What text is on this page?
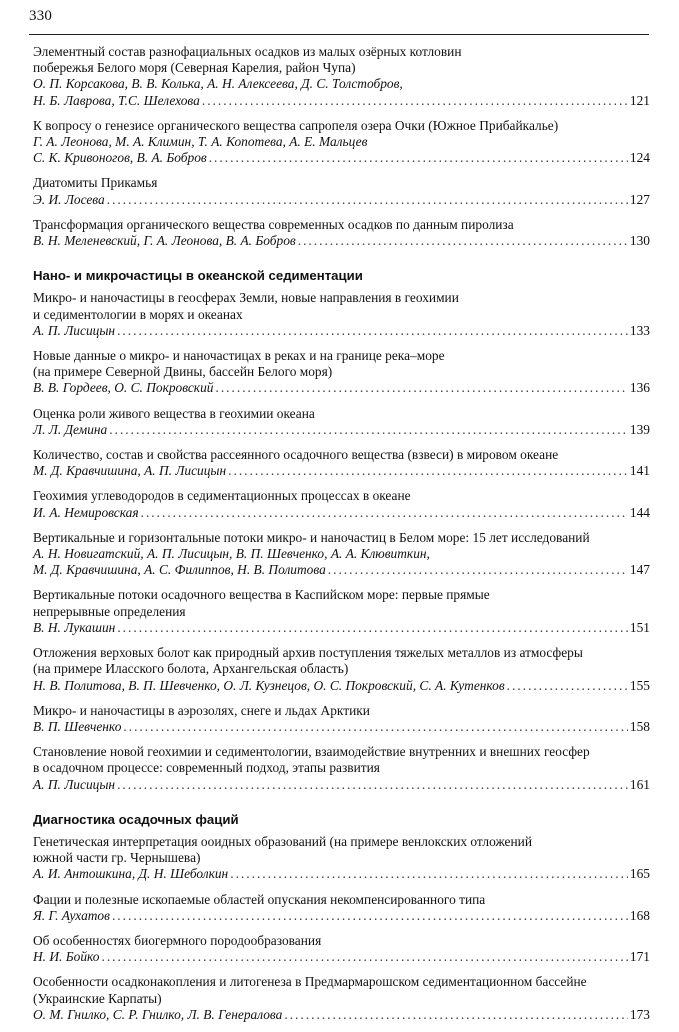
330
Элементный состав разнофациальных осадков из малых озёрных котловин
побережья Белого моря (Северная Карелия, район Чупа)
О. П. Корсакова, В. В. Колька, А. Н. Алексеева, Д. С. Толстобров,
Н. Б. Лаврова, Т.С. Шелехова .....	121
К вопросу о генезисе органического вещества сапропеля озера Очки (Южное Прибайкалье)
Г. А. Леонова, М. А. Климин, Т. А. Копотева, А. Е. Мальцев
С. К. Кривоногов, В. А. Бобров .....	124
Диатомиты Прикамья
Э. И. Лосева .....	127
Трансформация органического вещества современных осадков по данным пиролиза
В. Н. Меленевский, Г. А. Леонова, В. А. Бобров .....	130
Нано- и микрочастицы в океанской седиментации
Микро- и наночастицы в геосферах Земли, новые направления в геохимии
и седиментологии в морях и океанах
А. П. Лисицын .....	133
Новые данные о микро- и наночастицах в реках и на границе река–море
(на примере Северной Двины, бассейн Белого моря)
В. В. Гордеев, О. С. Покровский .....	136
Оценка роли живого вещества в геохимии океана
Л. Л. Демина .....	139
Количество, состав и свойства рассеянного осадочного вещества (взвеси) в мировом океане
М. Д. Кравчишина, А. П. Лисицын .....	141
Геохимия углеводородов в седиментационных процессах в океане
И. А. Немировская .....	144
Вертикальные и горизонтальные потоки микро- и наночастиц в Белом море: 15 лет исследований
А. Н. Новигатский, А. П. Лисицын, В. П. Шевченко, А. А. Клювиткин,
М. Д. Кравчишина, А. С. Филиппов, Н. В. Политова .....	147
Вертикальные потоки осадочного вещества в Каспийском море: первые прямые
непрерывные определения
В. Н. Лукашин .....	151
Отложения верховых болот как природный архив поступления тяжелых металлов из атмосферы
(на примере Иласского болота, Архангельская область)
Н. В. Политова, В. П. Шевченко, О. Л. Кузнецов, О. С. Покровский, С. А. Кутенков .....	155
Микро- и наночастицы в аэрозолях, снеге и льдах Арктики
В. П. Шевченко .....	158
Становление новой геохимии и седиментологии, взаимодействие внутренних и внешних геосфер
в осадочном процессе: современный подход, этапы развития
А. П. Лисицын .....	161
Диагностика осадочных фаций
Генетическая интерпретация ооидных образований (на примере венлокских отложений
южной части гр. Чернышева)
А. И. Антошкина, Д. Н. Шеболкин .....	165
Фации и полезные ископаемые областей опускания некомпенсированного типа
Я. Г. Аухатов .....	168
Об особенностях биогермного породообразования
Н. И. Бойко .....	171
Особенности осадконакопления и литогенеза в Предмармарошском седиментационном бассейне
(Украинские Карпаты)
О. М. Гнилко, С. Р. Гнилко, Л. В. Генералова .....	173
